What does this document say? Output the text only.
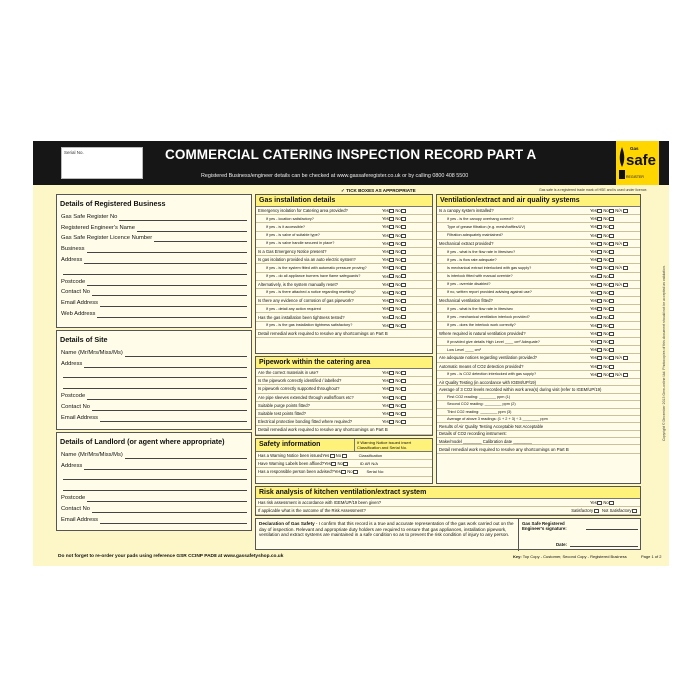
Serial No.	COMMERCIAL CATERING INSPECTION RECORD PART A
Registered Business/engineer details can be checked at www.gassaferegister.co.uk or by calling 0800 408 5500
Gas
safe
REGISTER
✓ TICK BOXES AS APPROPRIATE	Gas safe is a registered trade mark of HSE and is used under licence.
Details of Registered Business
Gas Safe Register No
Registered Engineer's Name
Gas Safe Register Licence Number
Business
Address
Postcode
Contact No
Email Address
Web Address
Details of Site
Name (Mr/Mrs/Miss/Ms)
Address
Postcode
Contact No
Email Address
Details of Landlord (or agent where appropriate)
Name (Mr/Mrs/Miss/Ms)
Address
Postcode
Contact No
Email Address
Gas installation details
Emergency isolation for Catering area provided?	Yes No
If yes - location satisfactory?	Yes No
If yes - is it accessible?	Yes No
If yes - is valve of suitable type?	Yes No
If yes - is valve handle secured in place?	Yes No
Is a Gas Emergency Notice present?	Yes No
Is gas isolation provided via an auto electric system?	Yes No
If yes - is the system fitted with automatic pressure proving?	Yes No
If yes - do all appliance burners have flame safeguards?	Yes No
Alternatively, is the system manually reset?	Yes No
If yes - is there attached a notice regarding resetting?	Yes No
Is there any evidence of corrosion of gas pipework?	Yes No
If yes - detail any action required	Yes No
Has the gas installation been tightness tested?	Yes No
If yes - is the gas installation tightness satisfactory?	Yes No
Detail remedial work required to resolve any shortcomings on Part B
Pipework within the catering area
Are the correct materials in use?	Yes No
Is the pipework correctly identified / labelled?	Yes No
Is pipework correctly supported throughout?	Yes No
Are pipe sleeves extended through walls/floors etc?	Yes No
Suitable purge points fitted?	Yes No
Suitable test points fitted?	Yes No
Electrical protective bonding fitted where required?	Yes No
Detail remedial work required to resolve any shortcomings on Part B
Safety information	If Warning Notice issued insert Classification and Serial No.
Has a Warning Notice been issued Yes No	Classification
Have Warning Labels been affixed? Yes No	ID AR N/A
Has a responsible person been advised? Yes No	Serial No:
Ventilation/extract and air quality systems
Is a canopy system installed?	Yes No N/A
If yes - is the canopy overhang correct?	Yes No
Type of grease filtration (e.g. mesh/baffles/UV)	Yes No
Filtration adequately maintained?	Yes No
Mechanical extract provided?	Yes No N/A
If yes - what is the flow rate in litres/sec?	Yes No
If yes - is flow rate adequate?	Yes No
Is mechanical extract interlocked with gas supply?	Yes No N/A
Is interlock fitted with manual override?	Yes No
If yes - override disabled?	Yes No N/A
If no, written report provided advising against use?	Yes No
Mechanical ventilation fitted?	Yes No
If yes - what is the flow rate in litres/sec	Yes No
If yes - mechanical ventilation interlock provided?	Yes No
If yes - does the interlock work correctly?	Yes No
Where required is natural ventilation provided?	Yes No
If provided give details High Level ____ cm² Adequate?	Yes No
Low Level ____ cm²	Yes No
Are adequate notices regarding ventilation provided?	Yes No N/A
Automatic means of CO2 detection provided?	Yes No
If yes - is CO2 detection interlocked with gas supply?	Yes No N/A
Air Quality Testing (in accordance with IGEM/UP/19)
Average of 3 CO2 levels recorded within work area(s) during visit (refer to IGEM/UP/19)
First CO2 reading: ________ ppm (1)
Second CO2 reading: ________ ppm (2)
Third CO2 reading: ________ ppm (3)
Average of above 3 readings: (1 + 2 + 3) ÷ 3 ________ ppm
Results of Air Quality Testing Acceptable Not Acceptable
Details of CO2 recording instrument:
Make/model ________ Calibration date ________
Detail remedial work required to resolve any shortcomings on Part B
Risk analysis of kitchen ventilation/extract system
Has risk assessment in accordance with IGEM/UP/19 been given?	Yes No
If applicable what is the outcome of the Risk Assessment?	Satisfactory Not Satisfactory
Declaration of Gas Safety - I confirm that this record is a true and accurate representation of the gas work carried out on the day of inspection. Relevant and appropriate duty holders are required to ensure that gas appliances, installation pipework, ventilation and extract systems are maintained in a safe condition so as to prevent the risk condition of injury to any person.
Gas Safe Registered Engineer's signature:
Date:
Do not forget to re-order your pads using reference GSR CCINP PAD8 at www.gassafetyshop.co.uk	Key: Top Copy - Customer, Second Copy - Registered Business	Page 1 of 2
Copyright © December 2013 Gem-online Ltd. Photocopies of this document should not be accepted as validation.
